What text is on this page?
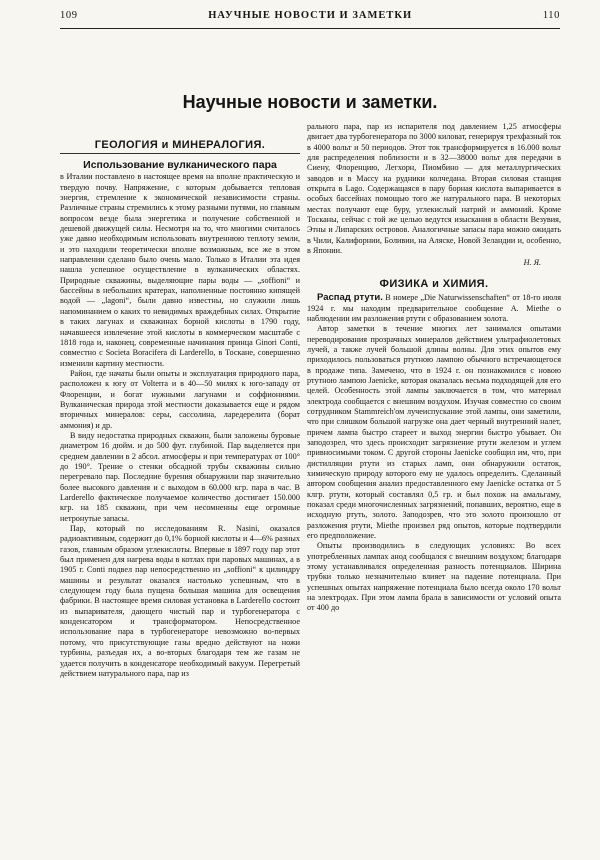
109	НАУЧНЫЕ НОВОСТИ И ЗАМЕТКИ	110
Научные новости и заметки.
ГЕОЛОГИЯ и МИНЕРАЛОГИЯ.
Использование вулканического пара

в Италии поставлено в настоящее время на вполне практическую и твердую почву. Напряжение, с которым добывается тепловая энергия, стремление к экономической независимости страны. Различные страны стремились к этому разными путями, но главным вопросом везде была энергетика и получение собственной и дешевой движущей силы. Несмотря на то, что многими считалось уже давно необходимым использовать внутреннюю теплоту земли, и это находили теоретически вполне возможным, все же в этом направлении сделано было очень мало. Только в Италии эта идея нашла успешное осуществление в вулканических областях. Природные скважины, выделяющие пары воды — „soffioni“ и бассейны в небольших кратерах, наполненные постоянно кипящей водой — „lagoni“, были давно известны, но служили лишь напоминанием о каких то невидимых враждебных силах. Открытие в таких лагунах и скважинах борной кислоты в 1790 году, начавшееся извлечение этой кислоты в коммерческом масштабе с 1818 года и, наконец, современные начинания принца Ginori Conti, совместно с Societa Boracifera di Larderello, в Тоскане, совершенно изменили картину местности.

Район, где начаты были опыты и эксплуатация природного пара, расположен к югу от Volterra и в 40—50 милях к юго-западу от Флоренции, и богат нужными лагунами и соффиониями. Вулканическая природа этой местности доказывается еще и рядом вторичных минералов: серы, сассолина, ларедерелита (борат аммония) и др.

В виду недостатка природных скважин, были заложены буровые диаметром 16 дюйм. и до 500 фут. глубиной. Пар выделяется при среднем давлении в 2 абсол. атмосферы и при температурах от 100° до 190°. Трение о стенки обсадной трубы скважины сильно перегревало пар. Последние бурения обнаружили пар значительно более высокого давления и с выходом в 60.000 кгр. пара в час. В Larderello фактическое получаемое количество достигает 150.000 кгр. на 185 скважин, при чем несомненны еще огромные нетронутые запасы.

Пар, который по исследованиям R. Nasini, оказался радиоактивным, содержит до 0,1% борной кислоты и 4—6% разных газов, главным образом углекислоты. Впервые в 1897 году пар этот был применен для нагрева воды в котлах при паровых машинах, а в 1905 г. Conti подвел пар непосредственно из „soffioni“ к цилиндру машины и результат оказался настолько успешным, что в следующем году была пущена большая машина для освещения фабрики. В настоящее время силовая установка в Larderello состоит из выпаривателя, дающего чистый пар и турбогенератора с конденсатором и трансформатором. Непосредственное использование пара в турбогенераторе невозможно во-первых потому, что присутствующие газы вредно действуют на ножи турбины, разъедая их, а во-вторых благодаря тем же газам не удается получить в конденсаторе необходимый вакуум. Перегретый действием натурального пара, пар из

рального пара, пар из испарителя под давлением 1,25 атмосферы двигает два турбогенератора по 3000 киловат, генерируя трехфазный ток в 4000 вольт и 50 периодов. Этот ток трансформируется в 16.000 вольт для распределения поблизости и в 32—38000 вольт для передачи в Сиену, Флоренцию, Легхорн, Пиомбино — для металлургических заводов и в Массу на рудники колчедана. Вторая силовая станция открыта в Lago. Содержащаяся в пару борная кислота выпаривается в особых бассейнах помощью того же натурального пара. В некоторых местах получают еще буру, углекислый натрий и аммоний. Кроме Тосканы, сейчас с той же целью ведутся изыскания в области Везувия, Этны и Липарских островов. Аналогичные запасы пара можно ожидать в Чили, Калифорнии, Боливии, на Аляске, Новой Зеландии и, особенно, в Японии.

Н. Я.
ФИЗИКА и ХИМИЯ.

Распад ртути. В номере „Die Naturwissenschaften“ от 18-го июля 1924 г. мы находим предварительное сообщение A. Miethe о наблюдении им разложения ртути с образованием золота.

Автор заметки в течение многих лет занимался опытами переводирования прозрачных минералов действием ультрафиолетовых лучей, а также лучей большой длины волны. Для этих опытов ему приходилось пользоваться ртутною лампою обычного встречающегося в продаже типа. Замечено, что в 1924 г. он познакомился с новою ртутною лампою Jaenicke, которая оказалась весьма подходящей для его целей. Особенность этой лампы заключается в том, что материал электрода сообщается с внешним воздухом. Изучая совместно со своим сотрудником Stammreich'ом лучеиспускание этой лампы, они заметили, что при слишком большой нагрузке она дает черный внутренний налет, причем лампа быстро стареет и выход энергии быстро убывает. Он заподозрел, что здесь происходит загрязнение ртути железом и углем привносимыми током. С другой стороны Jaenicke сообщил им, что, при дистилляции ртути из старых ламп, они обнаружили остаток, химическую природу которого ему не удалось определить. Сделанный автором сообщения анализ предоставленного ему Jaenicke остатка от 5 клгр. ртути, который составлял 0,5 гр. и был похож на амальгаму, показал среди многочисленных загрязнений, попавших, вероятно, еще в исходную ртуть, золото. Заподозрев, что это золото произошло от разложения ртути, Miethe произвел ряд опытов, которые подтвердили его предположение.

Опыты производились в следующих условиях: Во всех употребленных лампах анод сообщался с внешним воздухом; благодаря этому устанавливался определенная разность потенциалов. Ширина трубки только незначительно влияет на падение потенциала. При успешных опытах напряжение потенциала было всегда около 170 вольт на электродах. При этом лампа брала в зависимости от условий опыта от 400 до
